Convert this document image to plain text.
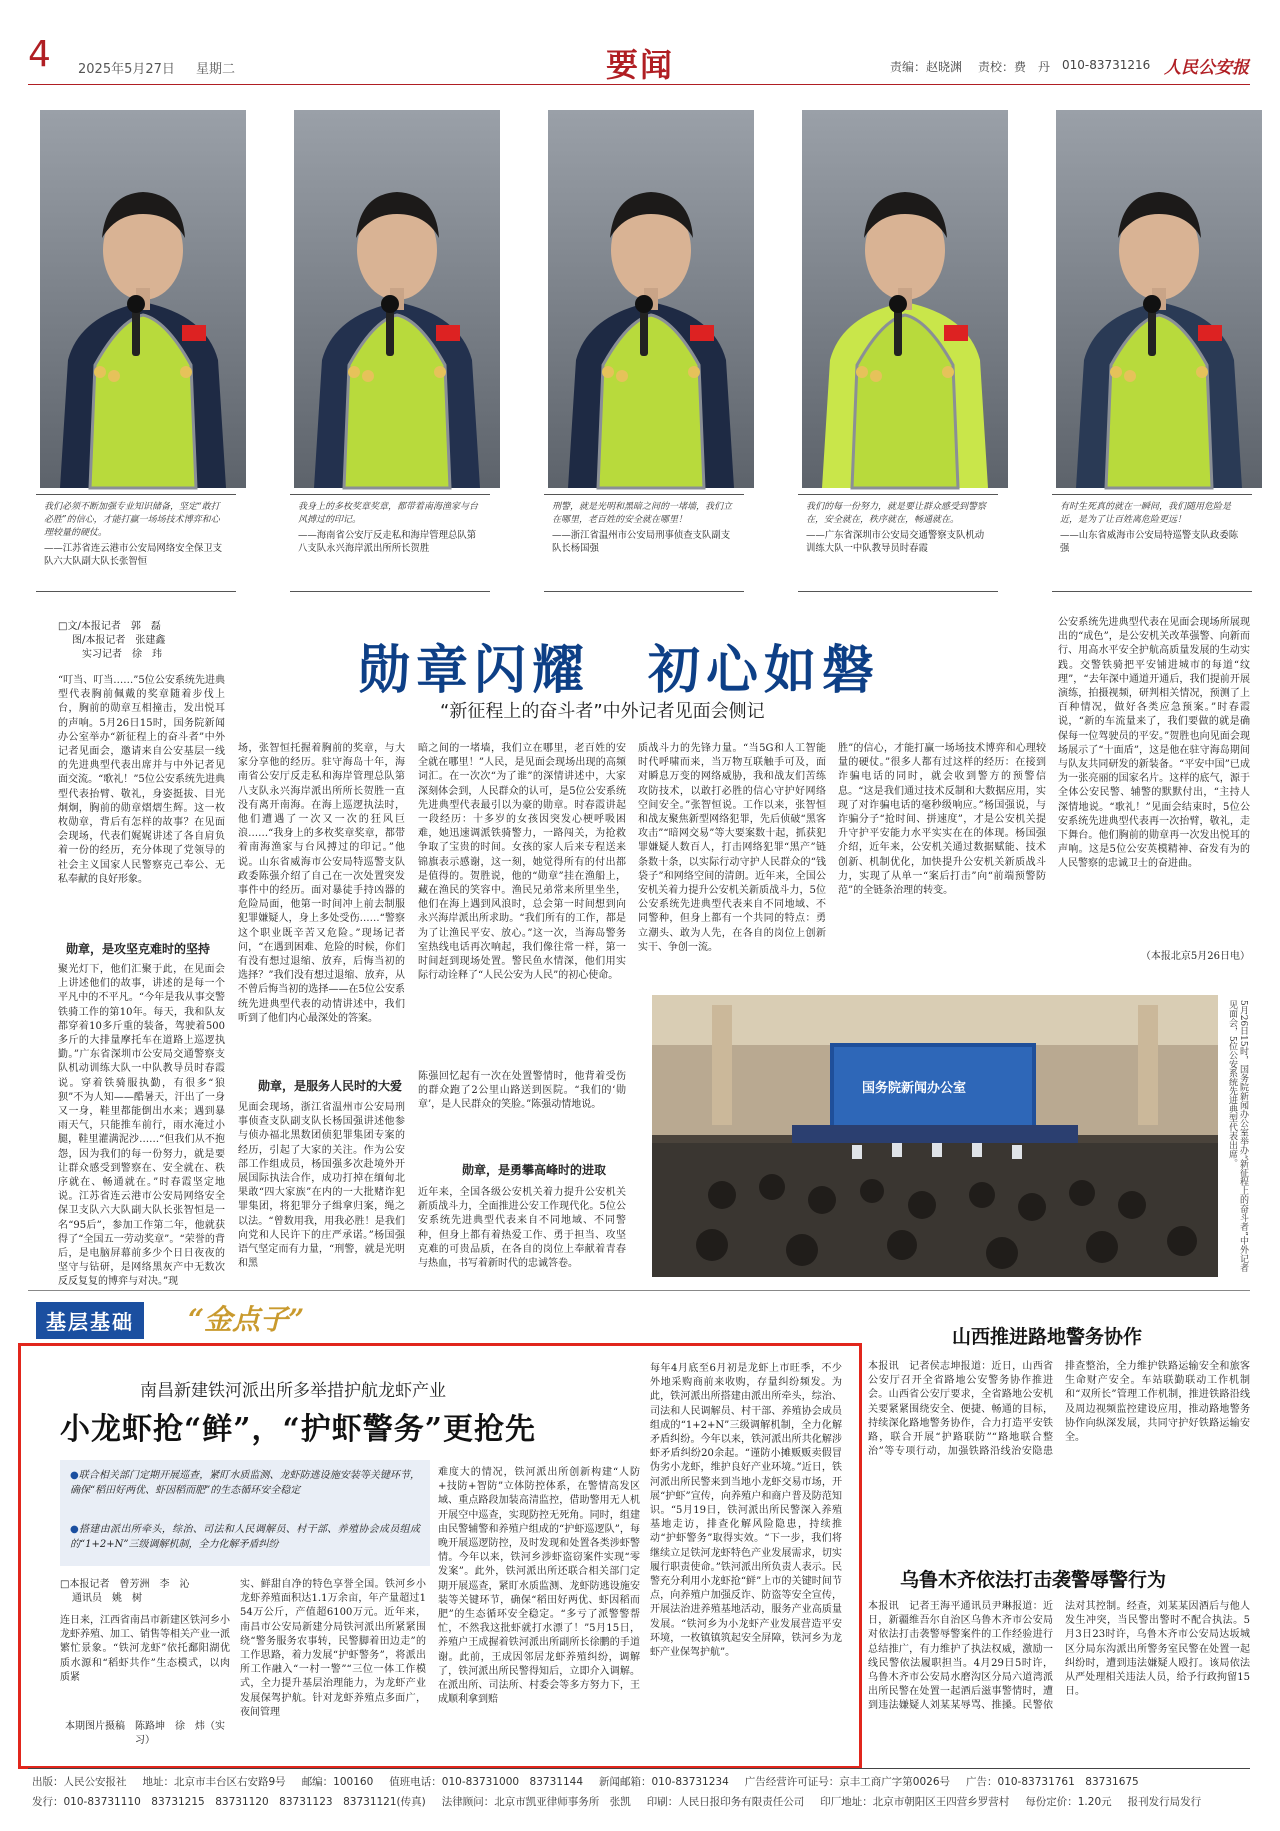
4 2025年5月27日 星期二	要闻	责编：赵晓渊 责校：费　丹 010-83731216 人民公安报
我们必须不断加强专业知识储备，坚定“敢打必胜”的信心，才能打赢一场场技术博弈和心理较量的硬仗。
——江苏省连云港市公安局网络安全保卫支队六大队副大队长张智恒
我身上的多枚奖章奖章，都带着南海渔家与台风搏过的印记。
——海南省公安厅反走私和海岸管理总队第八支队永兴海岸派出所所长贺胜
刑警，就是光明和黑暗之间的一堵墙，我们立在哪里，老百姓的安全就在哪里！
——浙江省温州市公安局刑事侦查支队副支队长杨国强
我们的每一份努力，就是要让群众感受到警察在，安全就在，秩序就在，畅通就在。
——广东省深圳市公安局交通警察支队机动训练大队一中队教导员时春霞
有时生死真的就在一瞬间，我们随用危险是近，是为了让百姓离危险更远！
——山东省威海市公安局特巡警支队政委陈强
□文/本报记者　郭　磊
图/本报记者　张建鑫
实习记者　徐　玮	勋章闪耀　初心如磐
“新征程上的奋斗者”中外记者见面会侧记
“叮当、叮当……”5位公安系统先进典型代表胸前佩戴的奖章随着步伐上台，胸前的勋章互相撞击，发出悦耳的声响。5月26日15时，国务院新闻办公室举办“新征程上的奋斗者”中外记者见面会，邀请来自公安基层一线的先进典型代表出席并与中外记者见面交流。“歌礼！”5位公安系统先进典型代表抬臂、敬礼，身姿挺拔、目光炯炯，胸前的勋章熠熠生辉。这一枚枚勋章，背后有怎样的故事？在见面会现场，代表们娓娓讲述了各自肩负着一份的经历，充分体现了党领导的社会主义国家人民警察克己奉公、无私奉献的良好形象。
勋章，是攻坚克难时的坚持
聚光灯下，他们汇聚于此，在见面会上讲述他们的故事，讲述的是每一个平凡中的不平凡。“今年是我从事交警铁骑工作的第10年。每天，我和队友都穿着10多斤重的装备，驾驶着500多斤的大排量摩托车在道路上巡逻执勤。”广东省深圳市公安局交通警察支队机动训练大队一中队教导员时春霞说。穿着铁骑服执勤，有很多“狼狈”不为人知——酷暑天，汗出了一身又一身，鞋里都能倒出水来；遇到暴雨天气，只能推车前行，雨水淹过小腿，鞋里灌满泥沙……“但我们从不抱怨，因为我们的每一份努力，就是要让群众感受到警察在、安全就在、秩序就在、畅通就在。”时春霞坚定地说。江苏省连云港市公安局网络安全保卫支队六大队副大队长张智恒是一名“95后”，参加工作第二年，他就获得了“全国五一劳动奖章”。“荣誉的背后，是电脑屏幕前多少个日日夜夜的坚守与钻研，是网络黑灰产中无数次反反复复的博弈与对决。”现
场，张智恒托握着胸前的奖章，与大家分享他的经历。驻守海岛十年，海南省公安厅反走私和海岸管理总队第八支队永兴海岸派出所所长贺胜一直没有离开南海。在海上巡逻执法时，他们遭遇了一次又一次的狂风巨浪……“我身上的多枚奖章奖章，都带着南海渔家与台风搏过的印记。”他说。山东省威海市公安局特巡警支队政委陈强介绍了自己在一次处置突发事件中的经历。面对暴徒手持凶器的危险局面，他第一时间冲上前去制服犯罪嫌疑人，身上多处受伤……“警察这个职业既辛苦又危险。”现场记者问，“在遇到困难、危险的时候，你们有没有想过退缩、放弃，后悔当初的选择？”我们没有想过退缩、放弃，从不曾后悔当初的选择——在5位公安系统先进典型代表的动情讲述中，我们听到了他们内心最深处的答案。
勋章，是服务人民时的大爱
见面会现场，浙江省温州市公安局刑事侦查支队副支队长杨国强讲述他参与侦办福北黑数团侦犯罪集团专案的经历，引起了大家的关注。作为公安部工作组成员，杨国强多次赴境外开展国际执法合作，成功打掉在缅甸北果敢“四大家族”在内的一大批赌诈犯罪集团，将犯罪分子缉拿归案，绳之以法。“曾数用我，用我必胜！是我们向党和人民许下的庄严承诺。”杨国强语气坚定而有力量，“刑警，就是光明和黑
暗之间的一堵墙，我们立在哪里，老百姓的安全就在哪里！”人民，是见面会现场出现的高频词汇。在一次次“为了谁”的深情讲述中，大家深刻体会到，人民群众的认可，是5位公安系统先进典型代表最引以为豪的勋章。时春霞讲起一段经历：十多岁的女孩因突发心梗呼吸困难，她迅速调派铁骑警力，一路闯关，为抢救争取了宝贵的时间。女孩的家人后来专程送来锦旗表示感谢，这一刻，她觉得所有的付出都是值得的。贺胜说，他的“勋章”挂在渔船上，藏在渔民的笑容中。渔民兄弟常来所里坐坐，他们在海上遇到风浪时，总会第一时间想到向永兴海岸派出所求助。“我们所有的工作，都是为了让渔民平安、放心。”这一次，当海岛警务室热线电话再次响起，我们像往常一样，第一时间赶到现场处置。警民鱼水情深，他们用实际行动诠释了“人民公安为人民”的初心使命。
陈强回忆起有一次在处置警情时，他背着受伤的群众跑了2公里山路送到医院。“我们的‘勋章’，是人民群众的笑脸。”陈强动情地说。
勋章，是勇攀高峰时的进取
近年来，全国各级公安机关着力提升公安机关新质战斗力，全面推进公安工作现代化。5位公安系统先进典型代表来自不同地域、不同警种，但身上都有着热爱工作、勇于担当、攻坚克难的可贵品质，在各自的岗位上奉献着青春与热血，书写着新时代的忠诚答卷。
质战斗力的先锋力量。“当5G和人工智能时代呼啸而来，当万物互联触手可及，面对瞬息万变的网络威胁，我和战友们苦练攻防技术，以敢打必胜的信心守护好网络空间安全。”张智恒说。工作以来，张智恒和战友聚焦新型网络犯罪，先后侦破“黑客攻击”“暗网交易”等大要案数十起，抓获犯罪嫌疑人数百人，打击网络犯罪“黑产”链条数十条，以实际行动守护人民群众的“钱袋子”和网络空间的清朗。近年来，全国公安机关着力提升公安机关新质战斗力，5位公安系统先进典型代表来自不同地域、不同警种，但身上都有一个共同的特点：勇立潮头、敢为人先，在各自的岗位上创新实干、争创一流。
胜”的信心，才能打赢一场场技术博弈和心理较量的硬仗。”很多人都有过这样的经历：在接到诈骗电话的同时，就会收到警方的预警信息。“这是我们通过技术反制和大数据应用，实现了对诈骗电话的毫秒级响应。”杨国强说，与诈骗分子“抢时间、拼速度”，才是公安机关提升守护平安能力水平实实在在的体现。杨国强介绍，近年来，公安机关通过数据赋能、技术创新、机制优化，加快提升公安机关新质战斗力，实现了从单一“案后打击”向“前端预警防范”的全链条治理的转变。
公安系统先进典型代表在见面会现场所展现出的“成色”，是公安机关改革强警、向新而行、用高水平安全护航高质量发展的生动实践。交警铁骑把平安铺进城市的每道“纹理”，“去年深中通道开通后，我们提前开展演练，拍摄视频，研判相关情况，预测了上百种情况，做好各类应急预案。”时春霞说，“新的车流量来了，我们要做的就是确保每一位驾驶员的平安。”贺胜也向见面会现场展示了“十面盾”，这是他在驻守海岛期间与队友共同研发的新装备。“平安中国”已成为一张亮丽的国家名片。这样的底气，源于全体公安民警、辅警的默默付出，“主持人深情地说。“歌礼！”见面会结束时，5位公安系统先进典型代表再一次抬臂，敬礼，走下舞台。他们胸前的勋章再一次发出悦耳的声响。这是5位公安英模精神、奋发有为的人民警察的忠诚卫士的奋进曲。
（本报北京5月26日电）
国务院新闻办公室	5月26日15时，国务院新闻办公室举办“新征程上的奋斗者”中外记者见面会，5位公安系统先进典型代表出席。
基层基础	“金点子”
南昌新建铁河派出所多举措护航龙虾产业
小龙虾抢“鲜”，“护虾警务”更抢先
●联合相关部门定期开展巡查，紧盯水质监测、龙虾防逃设施安装等关键环节，确保“稻田好两优、虾因稻而肥”的生态循环安全稳定
●搭建由派出所牵头，综治、司法和人民调解员、村干部、养殖协会成员组成的“1+2+N”三级调解机制，全力化解矛盾纠纷
□本报记者　曾芳洲　李　沁
通讯员　姚　树
连日来，江西省南昌市新建区铁河乡小龙虾养殖、加工、销售等相关产业一派繁忙景象。“铁河龙虾”依托鄱阳湖优质水源和“稻虾共作”生态模式，以肉质紧
本期图片摄稿　陈路坤　徐　炜（实习）
实、鲜甜自净的特色享誉全国。铁河乡小龙虾养殖面积达1.1万余亩，年产量超过154万公斤，产值超6100万元。近年来，南昌市公安局新建分局铁河派出所紧紧围绕“警务服务农事转，民警脚着田边走”的工作思路，着力发展“护虾警务”，将派出所工作融入“一村一警”“三位一体工作模式，全力提升基层治理能力，为龙虾产业发展保驾护航。针对龙虾养殖点多面广，夜间管理
难度大的情况，铁河派出所创新构建“人防+技防+智防”立体防控体系，在警情高发区域、重点路段加装高清监控，借助警用无人机开展空中巡查，实现防控无死角。同时，组建由民警辅警和养殖户组成的“护虾巡逻队”，每晚开展巡逻防控，及时发现和处置各类涉虾警情。今年以来，铁河乡涉虾盗窃案件实现“零发案”。此外，铁河派出所还联合相关部门定期开展巡查，紧盯水质监测、龙虾防逃设施安装等关键环节，确保“稻田好两优、虾因稻而肥”的生态循环安全稳定。“多亏了派警警帮忙，不然我这批虾就打水漂了！”5月15日，养殖户王成握着铁河派出所副所长徐鹏的手道谢。此前，王成因邻居龙虾养殖纠纷，调解了，铁河派出所民警得知后，立即介入调解。在派出所、司法所、村委会等多方努力下，王成顺利拿到赔
每年4月底至6月初是龙虾上市旺季，不少外地采购商前来收购，存量纠纷频发。为此，铁河派出所搭建由派出所牵头，综治、司法和人民调解员、村干部、养殖协会成员组成的“1+2+N”三级调解机制，全力化解矛盾纠纷。今年以来，铁河派出所共化解涉虾矛盾纠纷20余起。“谨防小摊贩贩卖假冒伪劣小龙虾，维护良好产业环境。”近日，铁河派出所民警来到当地小龙虾交易市场，开展“护虾”宣传，向养殖户和商户普及防范知识。“5月19日，铁河派出所民警深入养殖基地走访，排查化解风险隐患，持续推动“护虾警务”取得实效。“下一步，我们将继续立足铁河龙虾特色产业发展需求，切实履行职责使命。”铁河派出所负责人表示。民警充分利用小龙虾抢“鲜”上市的关键时间节点，向养殖户加强反诈、防盗等安全宣传，开展法治进养殖基地活动，服务产业高质量发展。“铁河乡为小龙虾产业发展营造平安环境，一枚镇镇筑起安全屏障，铁河乡为龙虾产业保驾护航”。
山西推进路地警务协作
本报讯　记者侯志坤报道：近日，山西省公安厅召开全省路地公安警务协作推进会。山西省公安厅要求，全省路地公安机关要紧紧围绕安全、便捷、畅通的目标，持续深化路地警务协作，合力打造平安铁路，联合开展“护路联防”“路地联合整治”等专项行动，加强铁路沿线治安隐患排查整治，全力维护铁路运输安全和旅客生命财产安全。车站联勤联动工作机制和“双所长”管理工作机制，推进铁路沿线及周边视频监控建设应用，推动路地警务协作向纵深发展，共同守护好铁路运输安全。
乌鲁木齐依法打击袭警辱警行为
本报讯　记者王海平通讯员尹琳报道：近日，新疆维吾尔自治区乌鲁木齐市公安局对依法打击袭警辱警案件的工作经验进行总结推广，有力维护了执法权威，激励一线民警依法履职担当。4月29日5时许，乌鲁木齐市公安局水磨沟区分局六道湾派出所民警在处置一起酒后滋事警情时，遭到违法嫌疑人刘某某辱骂、推搡。民警依法对其控制。经查，刘某某因酒后与他人发生冲突，当民警出警时不配合执法。5月3日23时许，乌鲁木齐市公安局达坂城区分局东沟派出所警务室民警在处置一起纠纷时，遭到违法嫌疑人殴打。该局依法从严处理相关违法人员，给予行政拘留15日。
出版：人民公安报社 地址：北京市丰台区右安路9号 邮编：100160 值班电话：010-83731000　83731144 新闻邮箱：010-83731234 广告经营许可证号：京丰工商广字第0026号 广告：010-83731761　83731675
发行：010-83731110　83731215　83731120　83731123　83731121(传真) 法律顾问：北京市凯亚律师事务所　张凯 印刷：人民日报印务有限责任公司 印厂地址：北京市朝阳区王四营乡罗营村 每份定价：1.20元 报刊发行局发行
